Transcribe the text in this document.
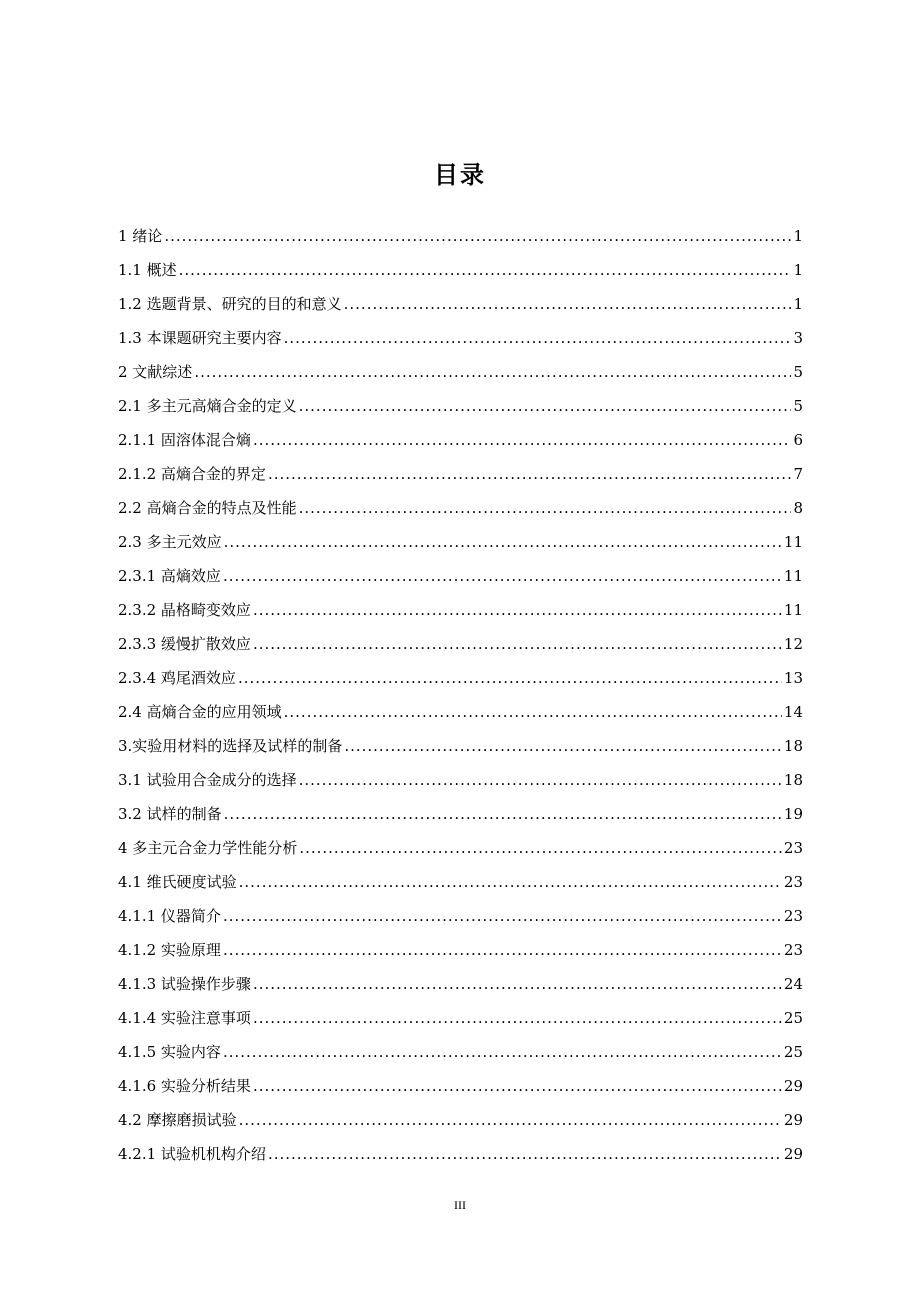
目录
1 绪论 .....	1
1.1 概述 .....	1
1.2 选题背景、研究的目的和意义 .....	1
1.3 本课题研究主要内容 .....	3
2 文献综述 .....	5
2.1 多主元高熵合金的定义 .....	5
2.1.1 固溶体混合熵 .....	6
2.1.2 高熵合金的界定 .....	7
2.2 高熵合金的特点及性能 .....	8
2.3 多主元效应 .....	11
2.3.1 高熵效应 .....	11
2.3.2 晶格畸变效应 .....	11
2.3.3 缓慢扩散效应 .....	12
2.3.4 鸡尾酒效应 .....	13
2.4 高熵合金的应用领域 .....	14
3.实验用材料的选择及试样的制备 .....	18
3.1 试验用合金成分的选择 .....	18
3.2 试样的制备 .....	19
4 多主元合金力学性能分析 .....	23
4.1 维氏硬度试验 .....	23
4.1.1 仪器简介 .....	23
4.1.2 实验原理 .....	23
4.1.3 试验操作步骤 .....	24
4.1.4 实验注意事项 .....	25
4.1.5 实验内容 .....	25
4.1.6 实验分析结果 .....	29
4.2 摩擦磨损试验 .....	29
4.2.1 试验机机构介绍 .....	29
III
